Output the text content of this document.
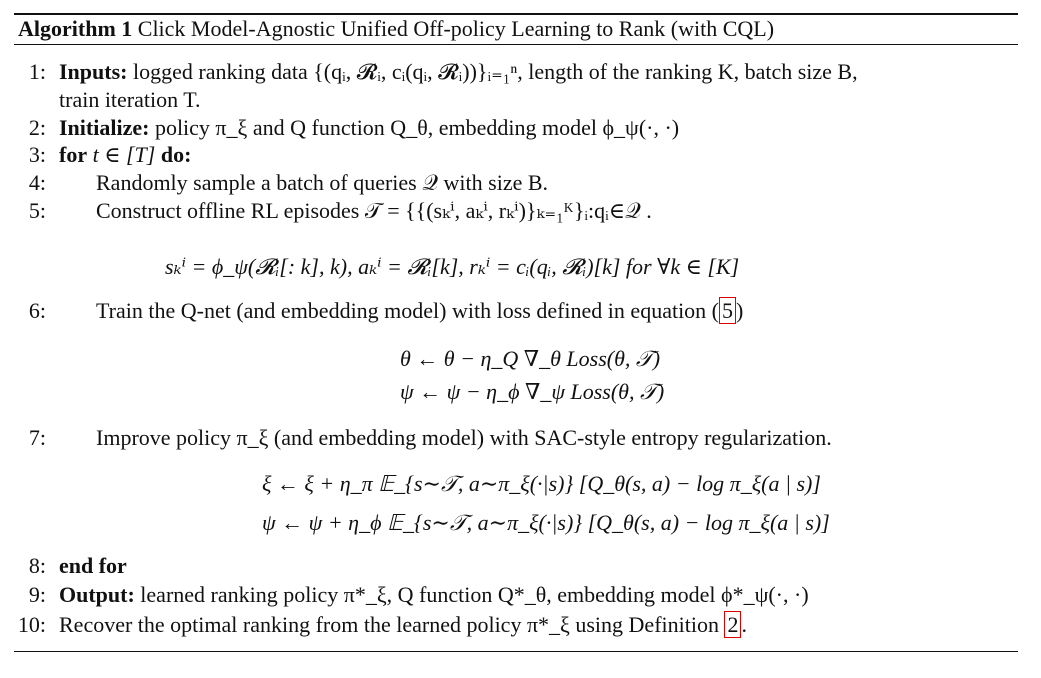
Algorithm 1 Click Model-Agnostic Unified Off-policy Learning to Rank (with CQL)
1: Inputs: logged ranking data {(qᵢ, 𝓡ᵢ, cᵢ(qᵢ, 𝓡ᵢ))}ᵢ₌₁ⁿ, length of the ranking K, batch size B,
train iteration T.
2: Initialize: policy π_ξ and Q function Q_θ, embedding model ϕ_ψ(·, ·)
3: for t ∈ [T] do:
4: Randomly sample a batch of queries 𝒬 with size B.
5: Construct offline RL episodes 𝒯 = {{(sₖⁱ, aₖⁱ, rₖⁱ)}ₖ₌₁ᴷ}ᵢ:qᵢ∈𝒬 .
sₖⁱ = ϕ_ψ(𝓡ᵢ[: k], k), aₖⁱ = 𝓡ᵢ[k], rₖⁱ = cᵢ(qᵢ, 𝓡ᵢ)[k] for ∀k ∈ [K]
6: Train the Q-net (and embedding model) with loss defined in equation ( 5 )
θ ← θ − η_Q ∇_θ Loss(θ, 𝒯)
ψ ← ψ − η_ϕ ∇_ψ Loss(θ, 𝒯)
7: Improve policy π_ξ (and embedding model) with SAC-style entropy regularization.
ξ ← ξ + η_π 𝔼_{s∼𝒯, a∼π_ξ(·|s)} [Q_θ(s, a) − log π_ξ(a | s)]
ψ ← ψ + η_ϕ 𝔼_{s∼𝒯, a∼π_ξ(·|s)} [Q_θ(s, a) − log π_ξ(a | s)]
8: end for
9: Output: learned ranking policy π*_ξ, Q function Q*_θ, embedding model ϕ*_ψ(·, ·)
10: Recover the optimal ranking from the learned policy π*_ξ using Definition 2 .
